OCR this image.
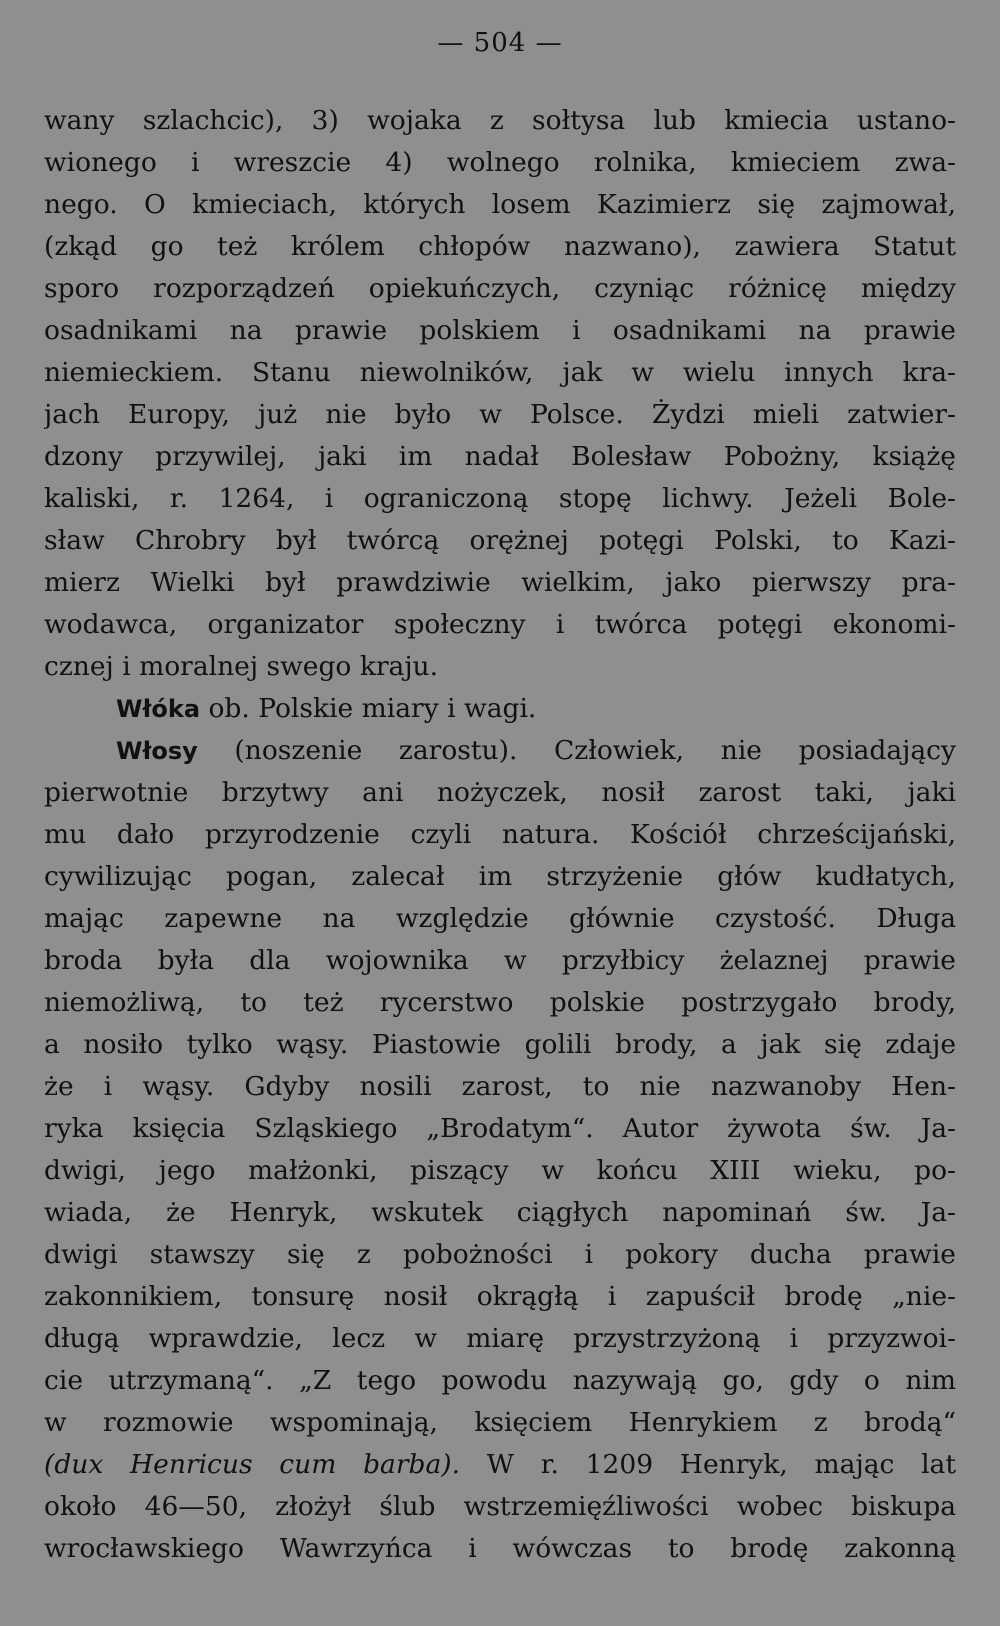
— 504 —
wany szlachcic), 3) wojaka z sołtysa lub kmiecia ustano-
wionego i wreszcie 4) wolnego rolnika, kmieciem zwa-
nego. O kmieciach, których losem Kazimierz się zajmował,
(zkąd go też królem chłopów nazwano), zawiera Statut
sporo rozporządzeń opiekuńczych, czyniąc różnicę między
osadnikami na prawie polskiem i osadnikami na prawie
niemieckiem. Stanu niewolników, jak w wielu innych kra-
jach Europy, już nie było w Polsce. Żydzi mieli zatwier-
dzony przywilej, jaki im nadał Bolesław Pobożny, książę
kaliski, r. 1264, i ograniczoną stopę lichwy. Jeżeli Bole-
sław Chrobry był twórcą orężnej potęgi Polski, to Kazi-
mierz Wielki był prawdziwie wielkim, jako pierwszy pra-
wodawca, organizator społeczny i twórca potęgi ekonomi-
cznej i moralnej swego kraju.
Włóka ob. Polskie miary i wagi.
Włosy (noszenie zarostu). Człowiek, nie posiadający
pierwotnie brzytwy ani nożyczek, nosił zarost taki, jaki
mu dało przyrodzenie czyli natura. Kościół chrześcijański,
cywilizując pogan, zalecał im strzyżenie głów kudłatych,
mając zapewne na względzie głównie czystość. Długa
broda była dla wojownika w przyłbicy żelaznej prawie
niemożliwą, to też rycerstwo polskie postrzygało brody,
a nosiło tylko wąsy. Piastowie golili brody, a jak się zdaje
że i wąsy. Gdyby nosili zarost, to nie nazwanoby Hen-
ryka księcia Szląskiego „Brodatym“. Autor żywota św. Ja-
dwigi, jego małżonki, piszący w końcu XIII wieku, po-
wiada, że Henryk, wskutek ciągłych napominań św. Ja-
dwigi stawszy się z pobożności i pokory ducha prawie
zakonnikiem, tonsurę nosił okrągłą i zapuścił brodę „nie-
długą wprawdzie, lecz w miarę przystrzyżoną i przyzwoi-
cie utrzymaną“. „Z tego powodu nazywają go, gdy o nim
w rozmowie wspominają, księciem Henrykiem z brodą“
(dux Henricus cum barba). W r. 1209 Henryk, mając lat
około 46—50, złożył ślub wstrzemięźliwości wobec biskupa
wrocławskiego Wawrzyńca i wówczas to brodę zakonną
